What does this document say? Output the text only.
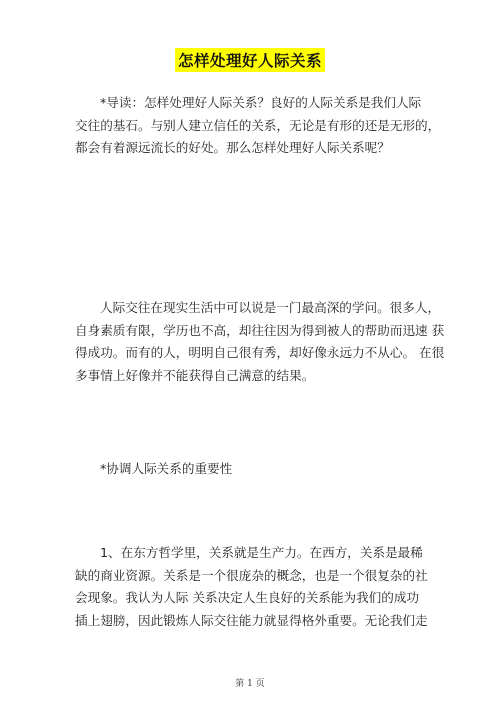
怎样处理好人际关系
*导读：怎样处理好人际关系？良好的人际关系是我们人际
交往的基石。与别人建立信任的关系，无论是有形的还是无形的，
都会有着源远流长的好处。那么怎样处理好人际关系呢？
人际交往在现实生活中可以说是一门最高深的学问。很多人，
自身素质有限，学历也不高，却往往因为得到被人的帮助而迅速 获
得成功。而有的人，明明自己很有秀，却好像永远力不从心。 在很
多事情上好像并不能获得自己满意的结果。
*协调人际关系的重要性
1、在东方哲学里，关系就是生产力。在西方，关系是最稀
缺的商业资源。关系是一个很庞杂的概念，也是一个很复杂的社
会现象。我认为人际 关系决定人生良好的关系能为我们的成功
插上翅膀，因此锻炼人际交往能力就显得格外重要。无论我们走
第 1 页
